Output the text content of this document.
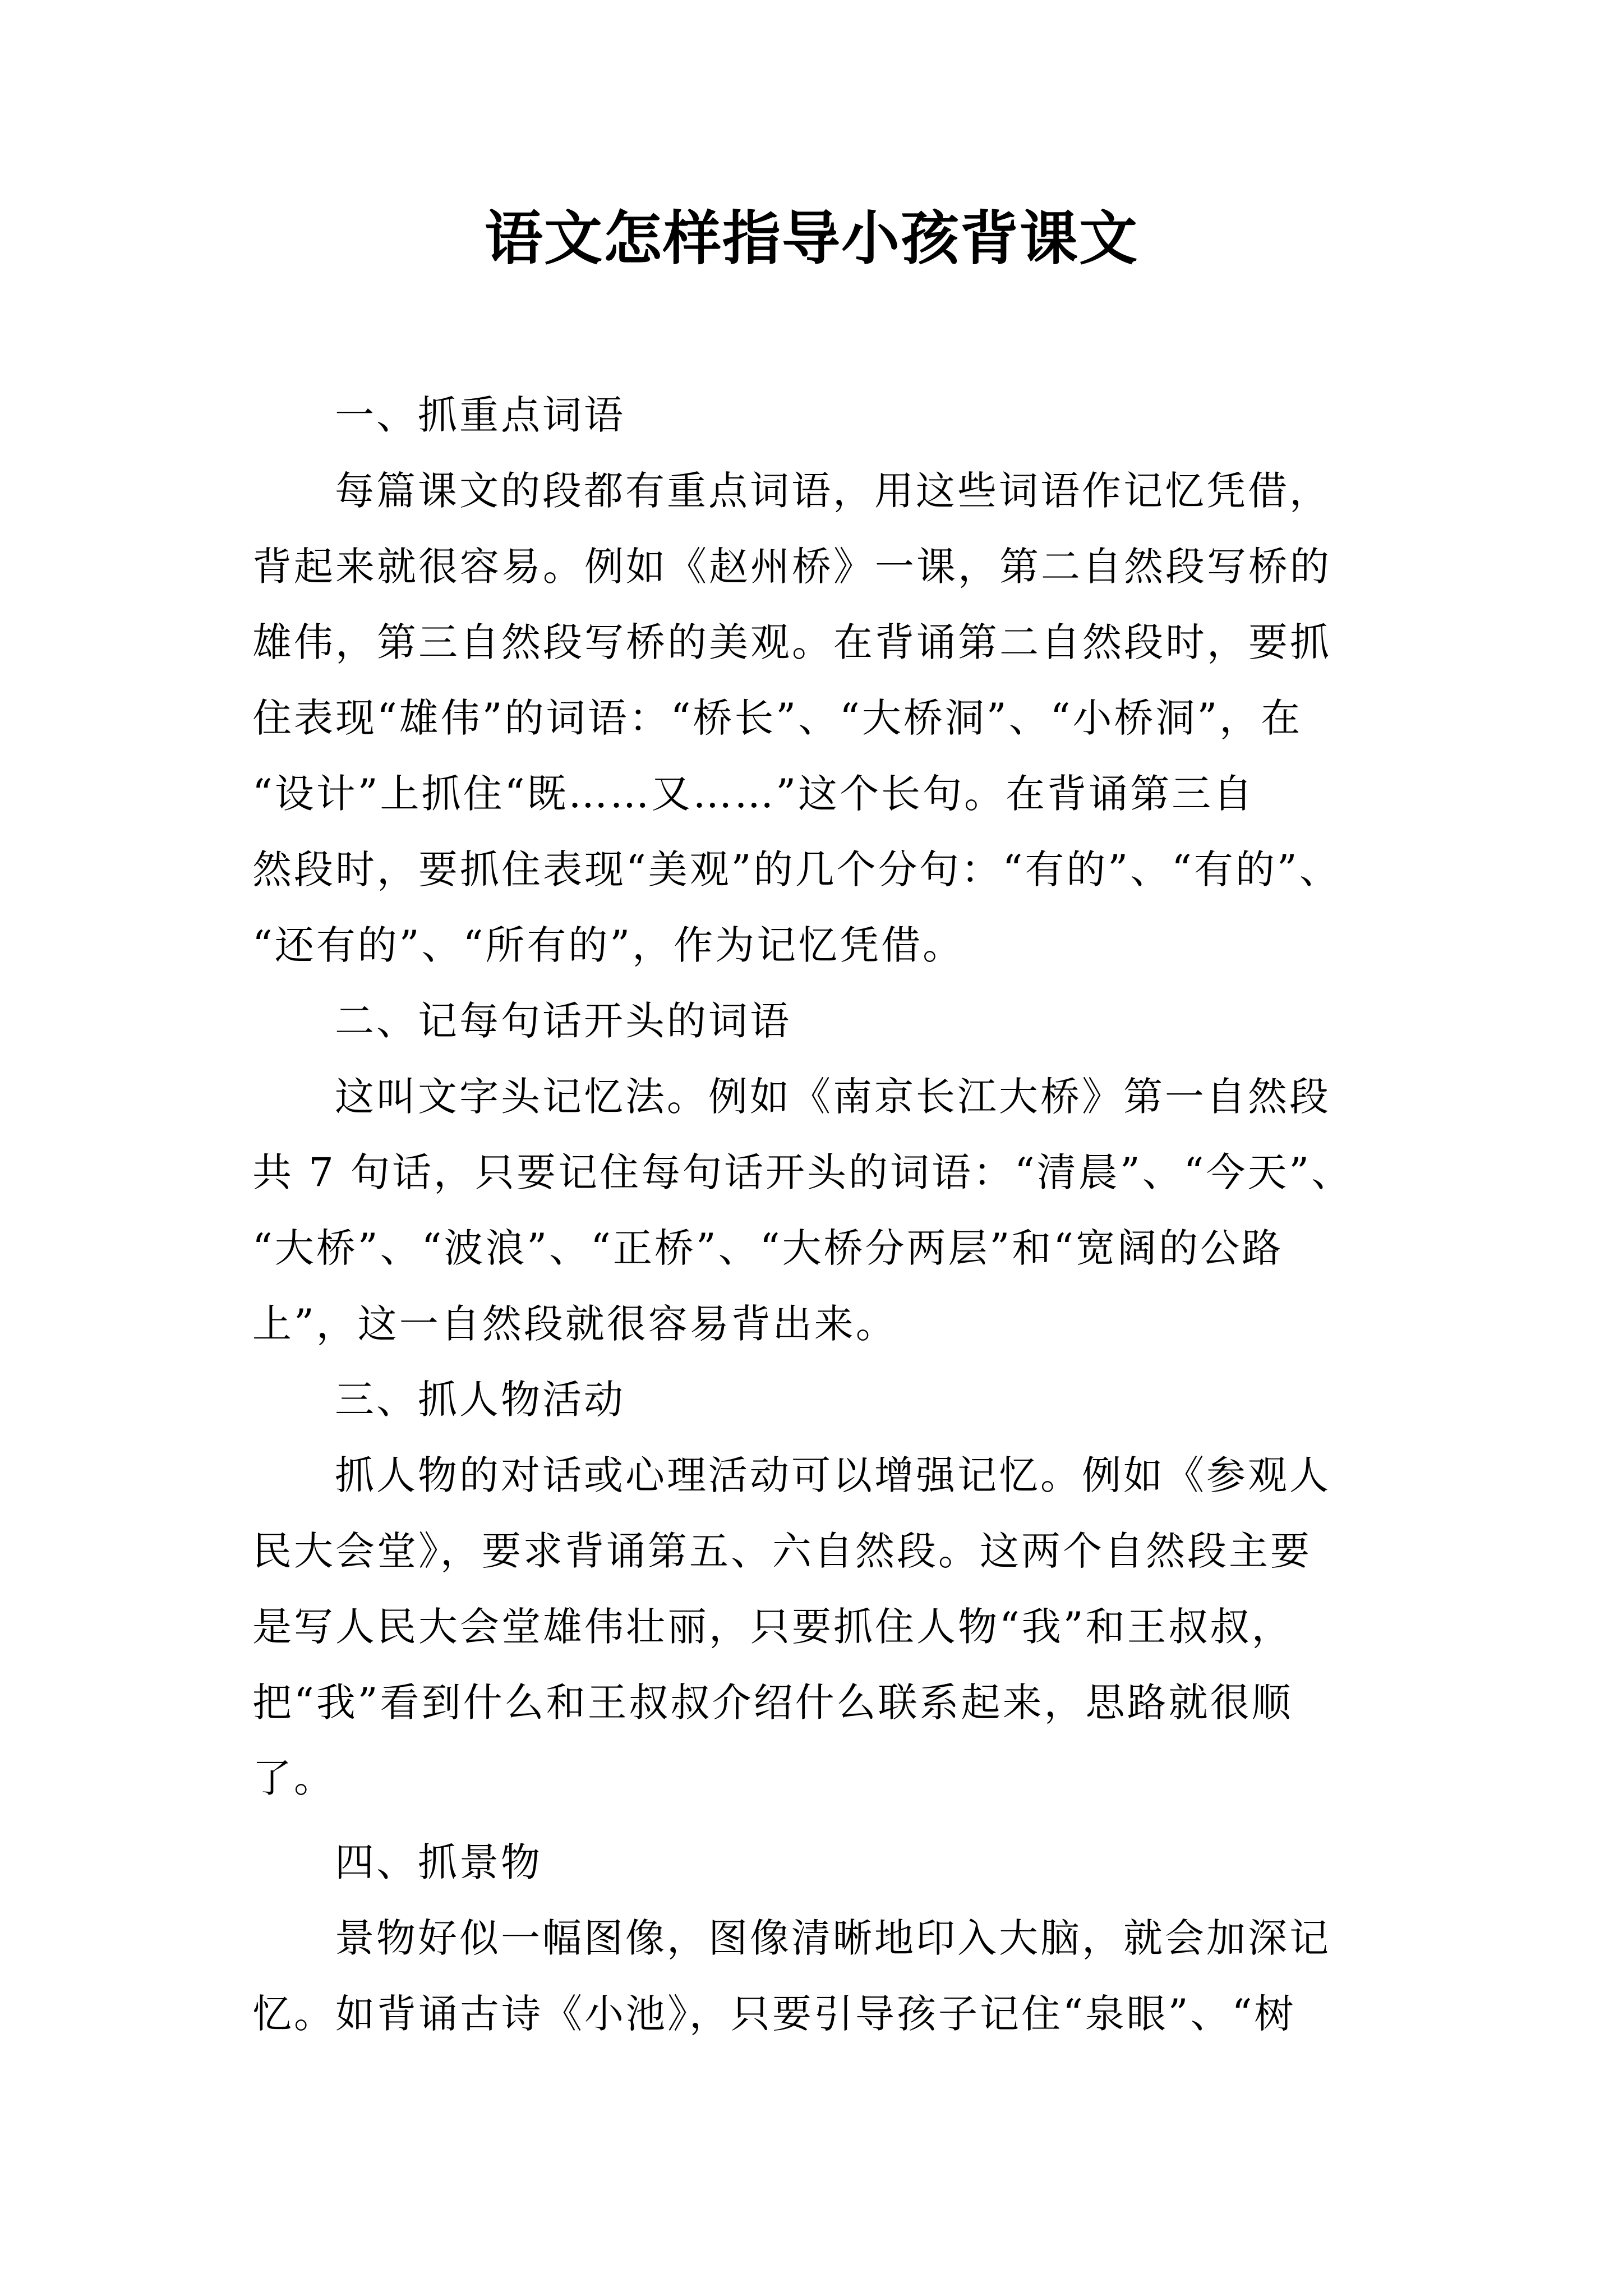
语文怎样指导小孩背课文

一、抓重点词语

每篇课文的段都有重点词语，用这些词语作记忆凭借，

背起来就很容易。例如《赵州桥》一课，第二自然段写桥的

雄伟，第三自然段写桥的美观。在背诵第二自然段时，要抓

住表现“雄伟”的词语：“桥长”、“大桥洞”、“小桥洞”，在

“设计”上抓住“既……又……”这个长句。在背诵第三自

然段时，要抓住表现“美观”的几个分句：“有的”、“有的”、

“还有的”、“所有的”，作为记忆凭借。

二、记每句话开头的词语

这叫文字头记忆法。例如《南京长江大桥》第一自然段

共 7 句话，只要记住每句话开头的词语：“清晨”、“今天”、

“大桥”、“波浪”、“正桥”、“大桥分两层”和“宽阔的公路

上”，这一自然段就很容易背出来。

三、抓人物活动

抓人物的对话或心理活动可以增强记忆。例如《参观人

民大会堂》，要求背诵第五、六自然段。这两个自然段主要

是写人民大会堂雄伟壮丽，只要抓住人物“我”和王叔叔，

把“我”看到什么和王叔叔介绍什么联系起来，思路就很顺

了。

四、抓景物

景物好似一幅图像，图像清晰地印入大脑，就会加深记

忆。如背诵古诗《小池》，只要引导孩子记住“泉眼”、“树
